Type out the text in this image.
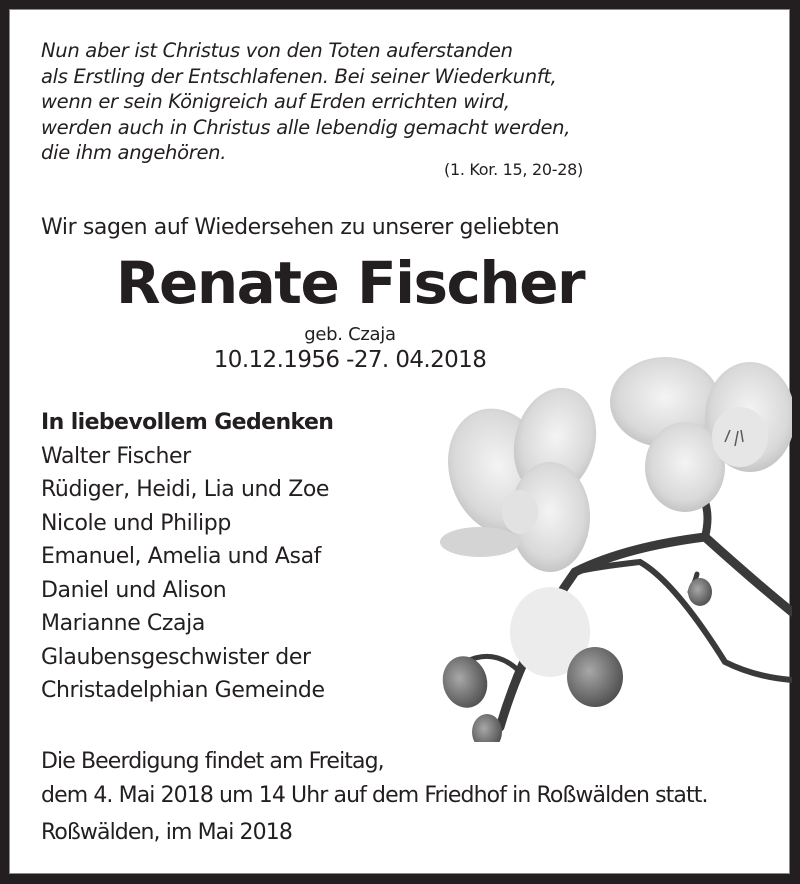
Nun aber ist Christus von den Toten auferstanden
als Erstling der Entschlafenen. Bei seiner Wiederkunft,
wenn er sein Königreich auf Erden errichten wird,
werden auch in Christus alle lebendig gemacht werden,
die ihm angehören.
(1. Kor. 15, 20-28)
Wir sagen auf Wiedersehen zu unserer geliebten
Renate Fischer
geb. Czaja
10.12.1956 -27. 04.2018
In liebevollem Gedenken
Walter Fischer
Rüdiger, Heidi, Lia und Zoe
Nicole und Philipp
Emanuel, Amelia und Asaf
Daniel und Alison
Marianne Czaja
Glaubensgeschwister der
Christadelphian Gemeinde
Die Beerdigung findet am Freitag,
dem 4. Mai 2018 um 14 Uhr auf dem Friedhof in Roßwälden statt.
Roßwälden, im Mai 2018
